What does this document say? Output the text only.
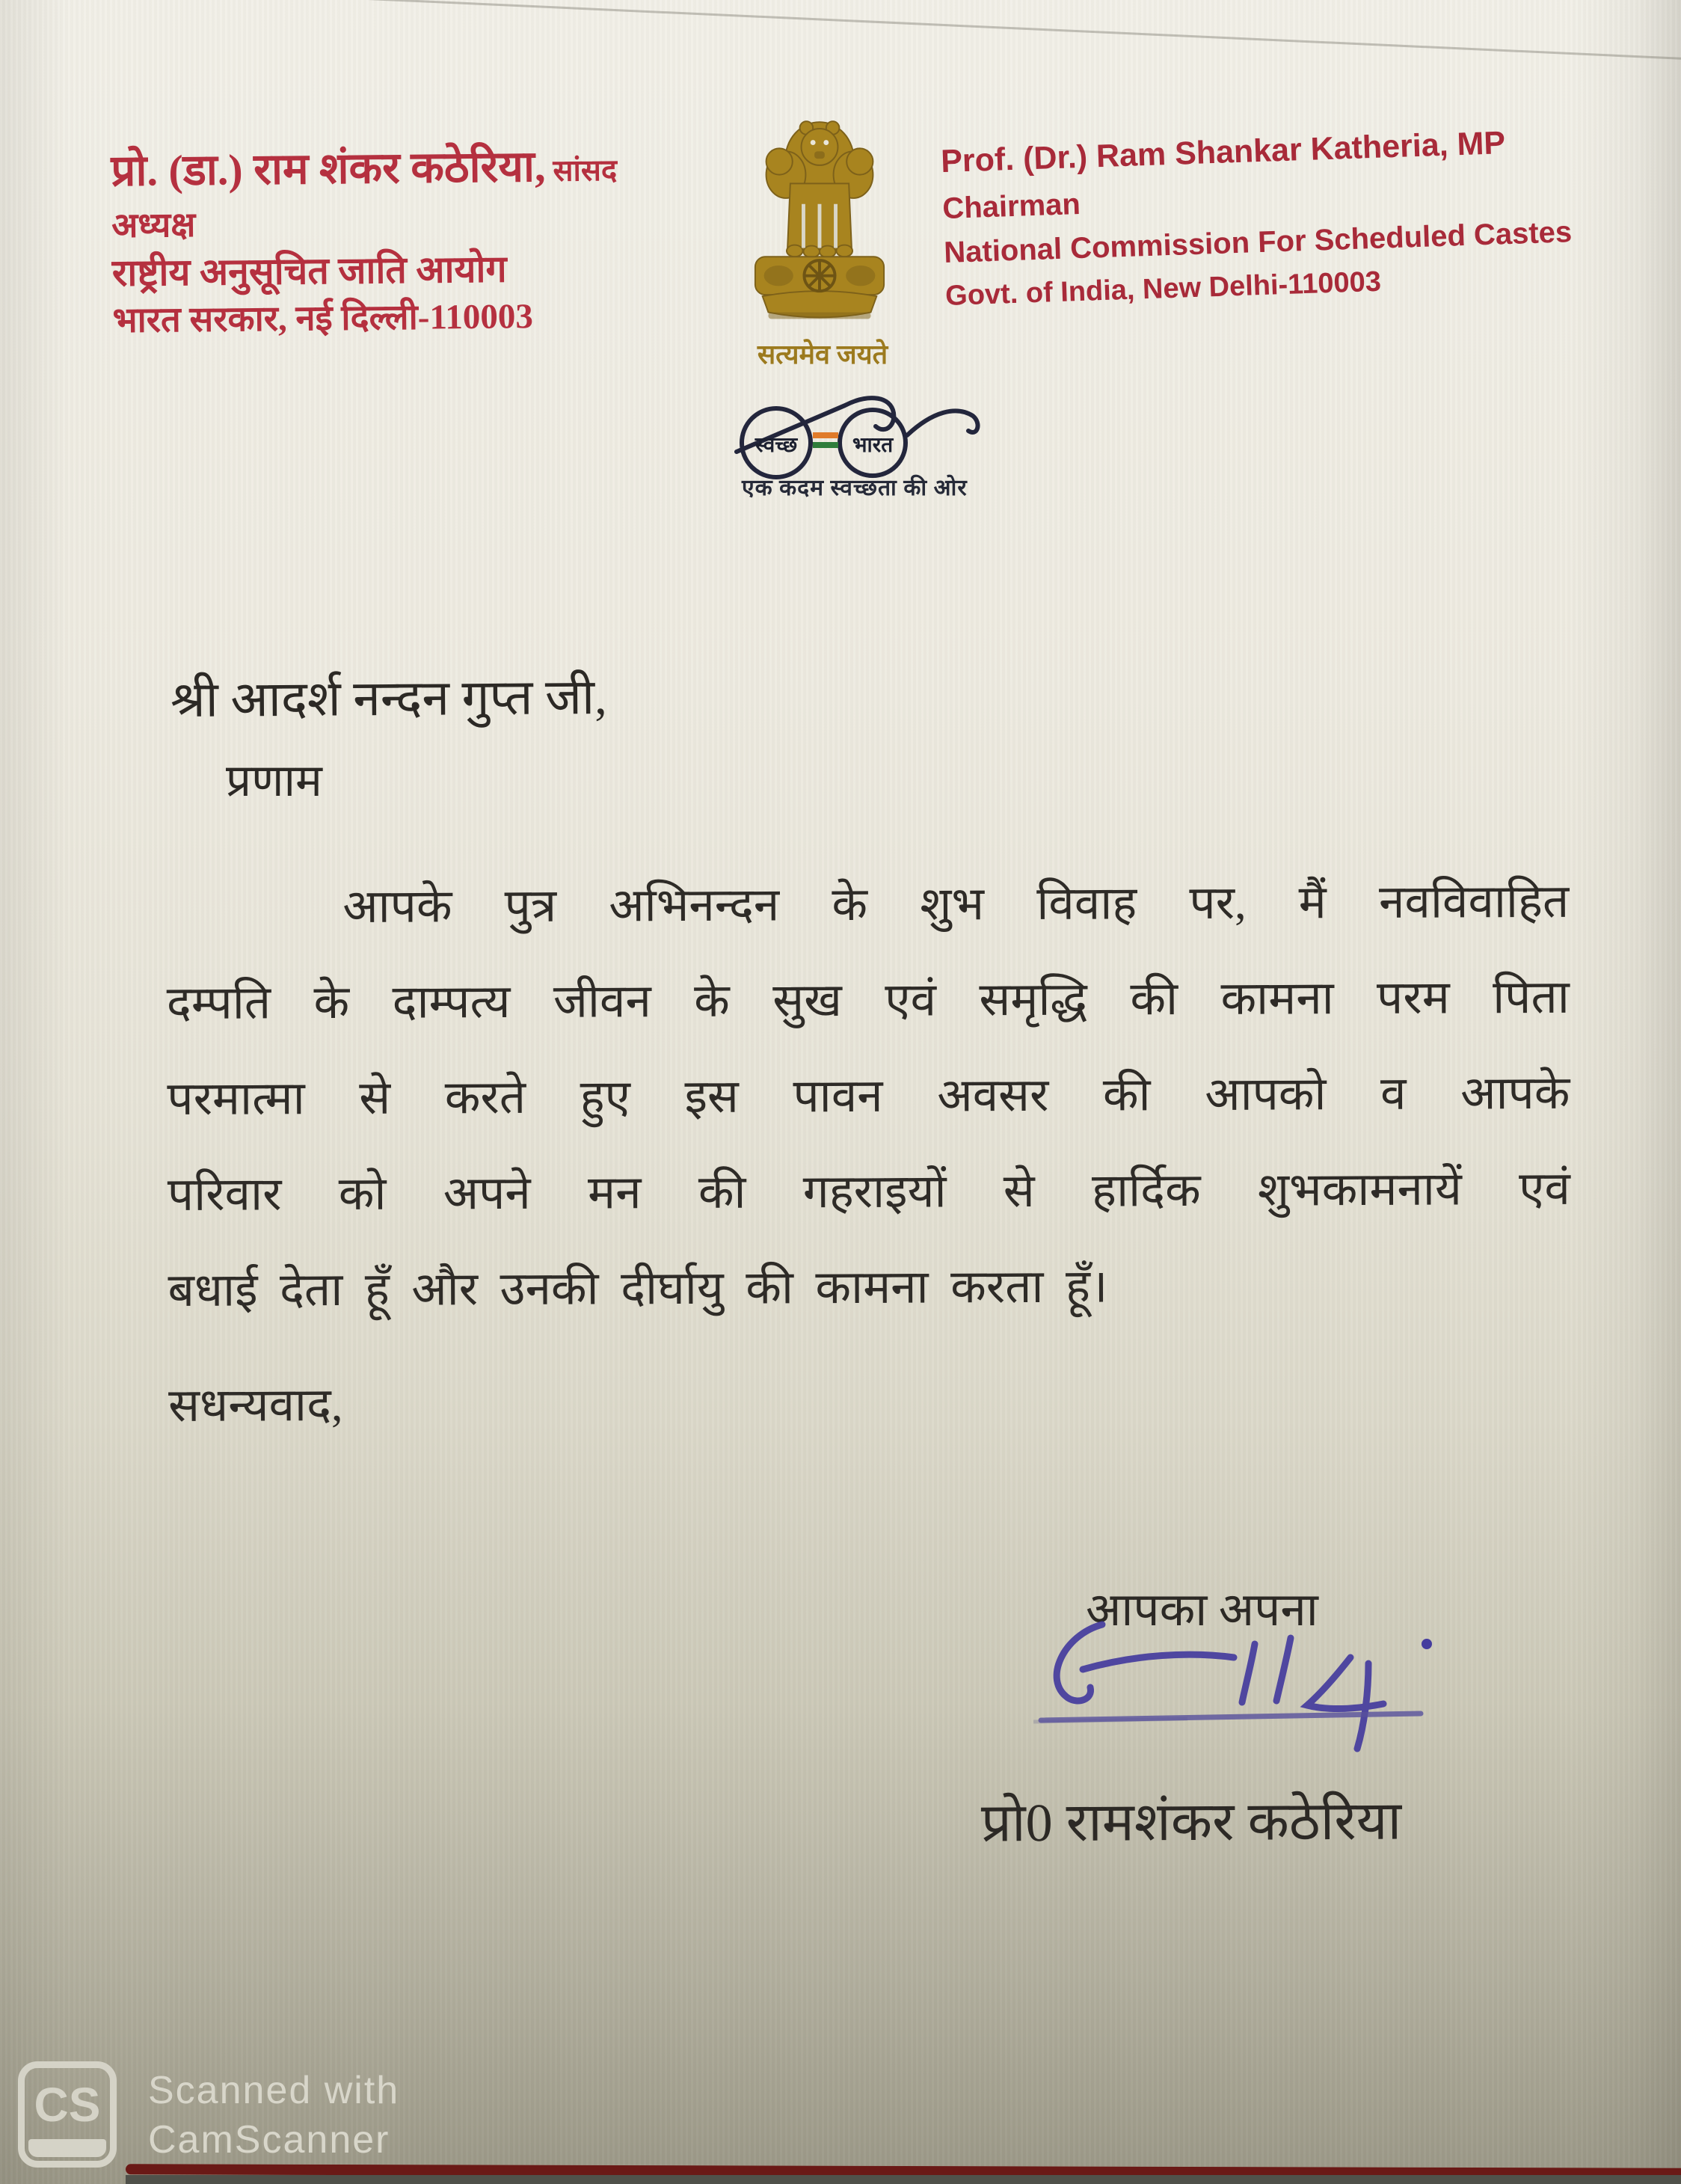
प्रो. (डा.) राम शंकर कठेरिया, सांसद
अध्यक्ष
राष्ट्रीय अनुसूचित जाति आयोग
भारत सरकार, नई दिल्ली-110003
सत्यमेव जयते
Prof. (Dr.) Ram Shankar Katheria, MP
Chairman
National Commission For Scheduled Castes
Govt. of India, New Delhi-110003
स्वच्छ	भारत
एक कदम स्वच्छता की ओर
श्री आदर्श नन्दन गुप्त जी,
प्रणाम
आपके पुत्र अभिनन्दन के शुभ विवाह पर, मैं नवविवाहित
दम्पति के दाम्पत्य जीवन के सुख एवं समृद्धि की कामना परम पिता
परमात्मा से करते हुए इस पावन अवसर की आपको व आपके
परिवार को अपने मन की गहराइयों से हार्दिक शुभकामनायें एवं
बधाई देता हूँ और उनकी दीर्घायु की कामना करता हूँ।
सधन्यवाद,
आपका अपना
प्रो0 रामशंकर कठेरिया
CS Scanned with
CamScanner
